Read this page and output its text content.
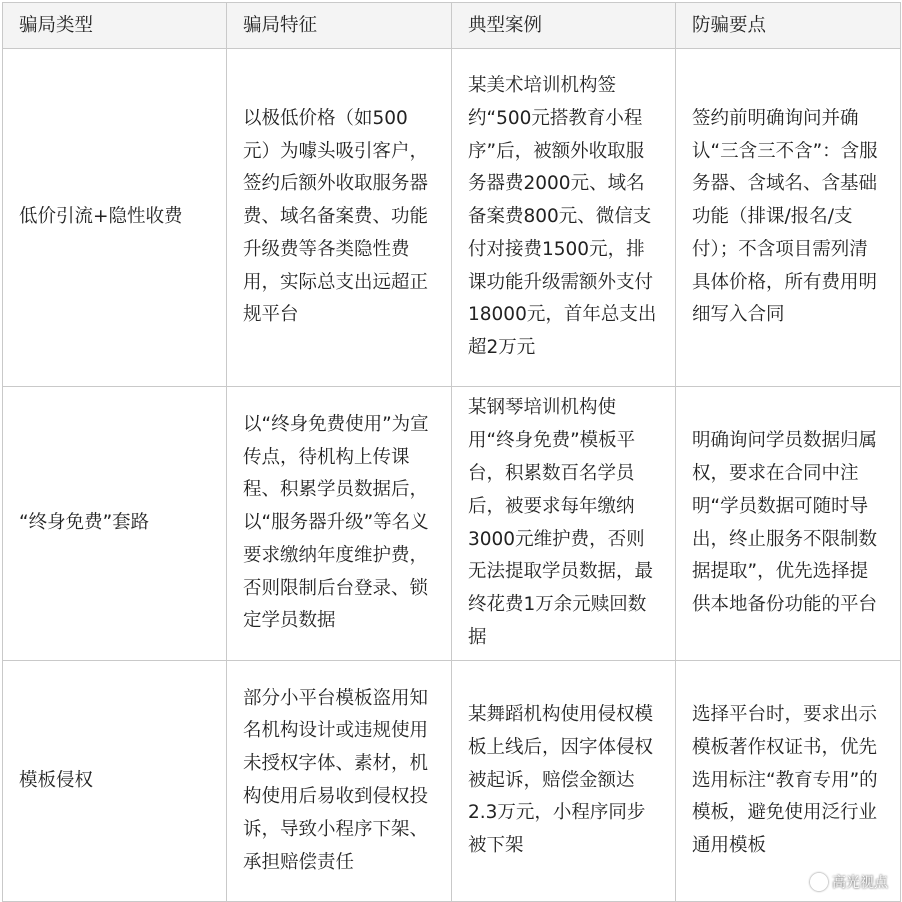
骗局类型	骗局特征	典型案例	防骗要点
低价引流+隐性收费	以极低价格（如500元）为噱头吸引客户，签约后额外收取服务器费、域名备案费、功能升级费等各类隐性费用，实际总支出远超正规平台	某美术培训机构签约“500元搭教育小程序”后，被额外收取服务器费2000元、域名备案费800元、微信支付对接费1500元，排课功能升级需额外支付18000元，首年总支出超2万元	签约前明确询问并确认“三含三不含”：含服务器、含域名、含基础功能（排课/报名/支付）；不含项目需列清具体价格，所有费用明细写入合同
“终身免费”套路	以“终身免费使用”为宣传点，待机构上传课程、积累学员数据后，以“服务器升级”等名义要求缴纳年度维护费，否则限制后台登录、锁定学员数据	某钢琴培训机构使用“终身免费”模板平台，积累数百名学员后，被要求每年缴纳3000元维护费，否则无法提取学员数据，最终花费1万余元赎回数据	明确询问学员数据归属权，要求在合同中注明“学员数据可随时导出，终止服务不限制数据提取”，优先选择提供本地备份功能的平台
模板侵权	部分小平台模板盗用知名机构设计或违规使用未授权字体、素材，机构使用后易收到侵权投诉，导致小程序下架、承担赔偿责任	某舞蹈机构使用侵权模板上线后，因字体侵权被起诉，赔偿金额达2.3万元，小程序同步被下架	选择平台时，要求出示模板著作权证书，优先选用标注“教育专用”的模板，避免使用泛行业通用模板 高光视点
高光视点
